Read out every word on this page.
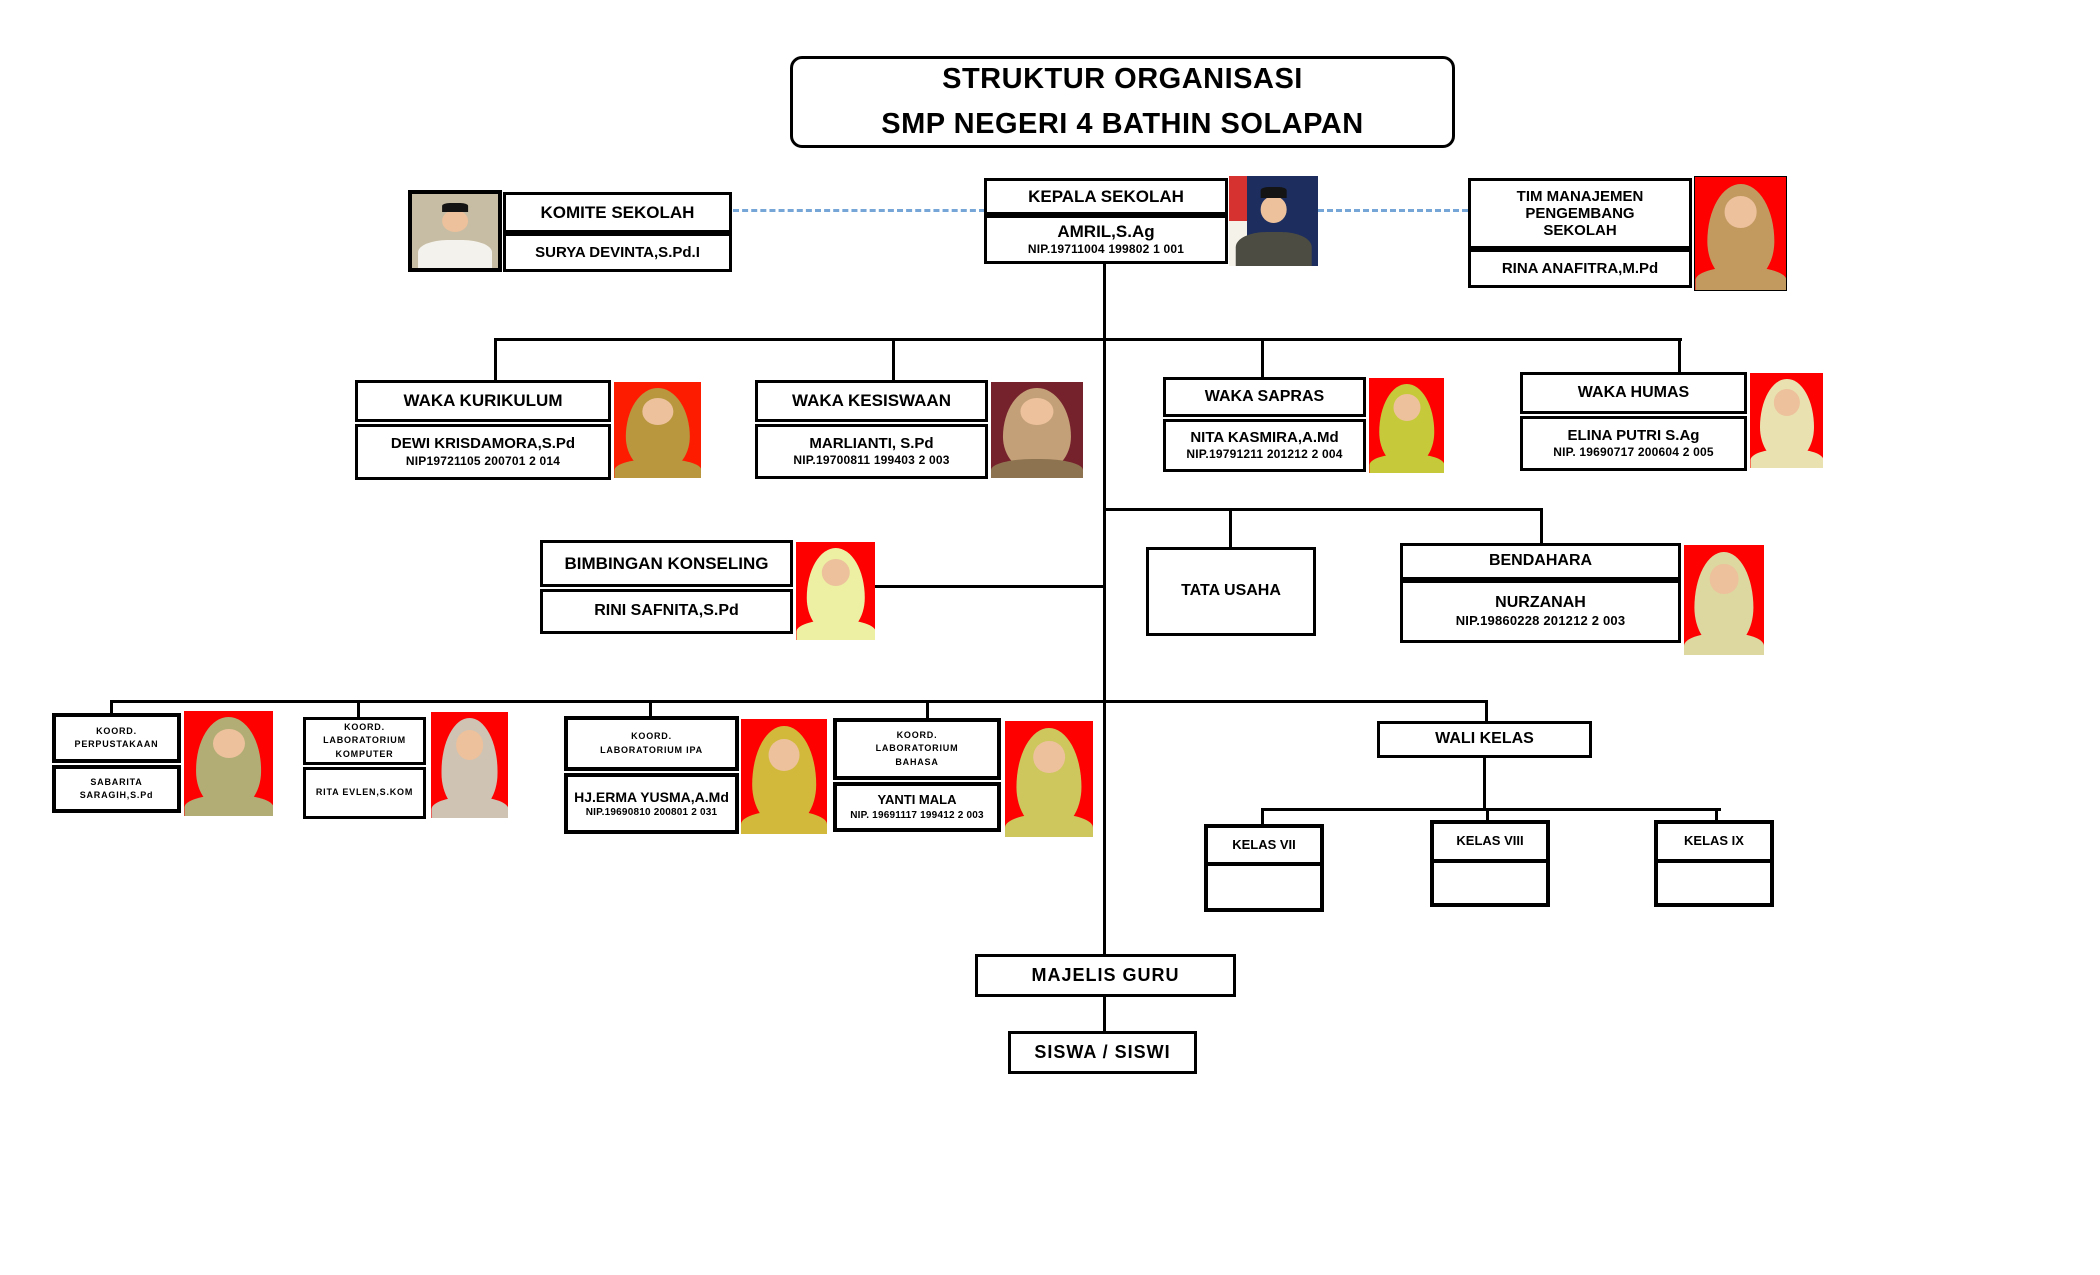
STRUKTUR ORGANISASI
SMP NEGERI 4 BATHIN SOLAPAN
KOMITE SEKOLAH
SURYA DEVINTA,S.Pd.I
KEPALA SEKOLAH
AMRIL,S.Ag
NIP.19711004 199802 1 001
TIM MANAJEMEN PENGEMBANG SEKOLAH
RINA ANAFITRA,M.Pd
WAKA KURIKULUM
DEWI KRISDAMORA,S.Pd
NIP19721105 200701 2 014
WAKA KESISWAAN
MARLIANTI, S.Pd
NIP.19700811 199403 2 003
WAKA SAPRAS
NITA KASMIRA,A.Md
NIP.19791211 201212 2 004
WAKA HUMAS
ELINA PUTRI S.Ag
NIP. 19690717 200604 2 005
BIMBINGAN KONSELING
RINI SAFNITA,S.Pd
TATA USAHA
BENDAHARA
NURZANAH
NIP.19860228 201212 2 003
KOORD. PERPUSTAKAAN
SABARITA SARAGIH,S.Pd
KOORD. LABORATORIUM KOMPUTER
RITA EVLEN,S.KOM
KOORD. LABORATORIUM IPA
HJ.ERMA YUSMA,A.Md
NIP.19690810 200801 2 031
KOORD. LABORATORIUM BAHASA
YANTI MALA
NIP. 19691117 199412 2 003
WALI KELAS
KELAS VII	KELAS VIII	KELAS IX
MAJELIS GURU
SISWA / SISWI
